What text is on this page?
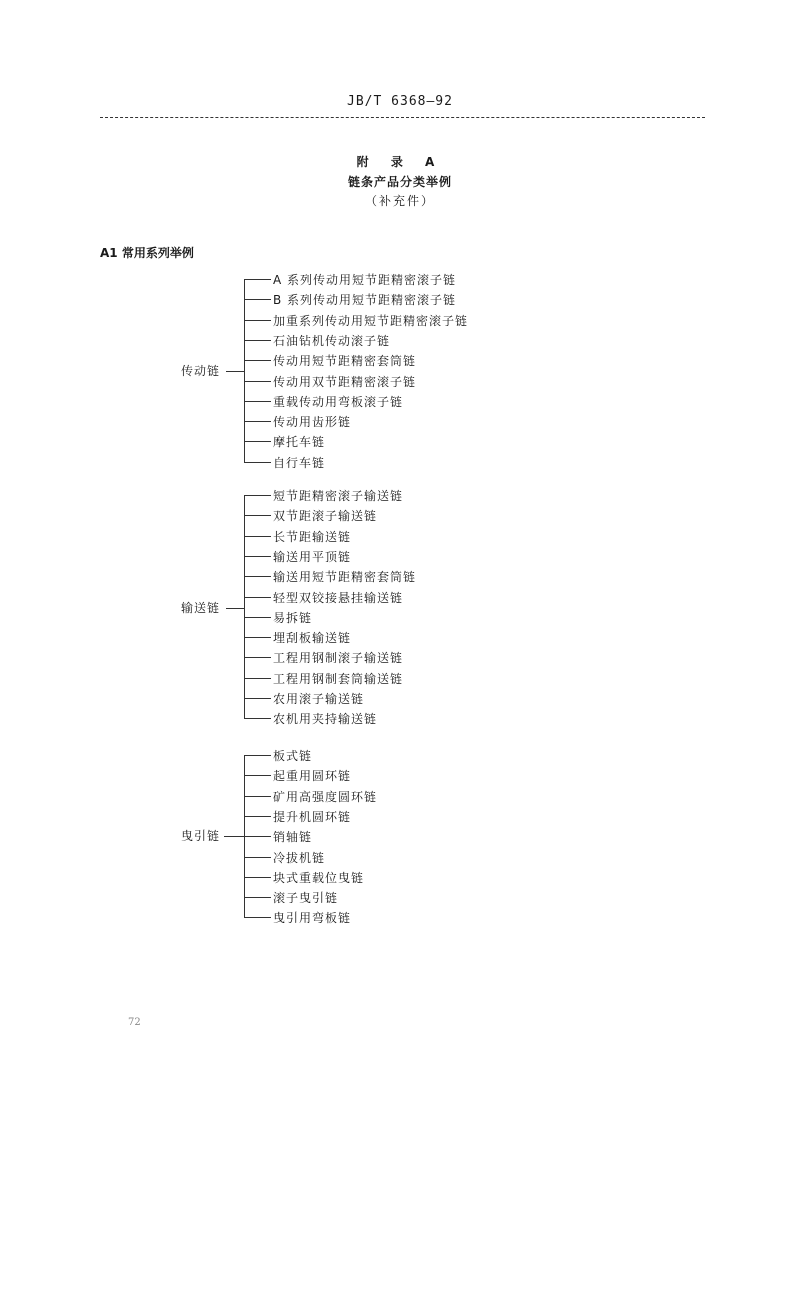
JB/T 6368—92
附 录 A
链条产品分类举例
（补充件）
A1 常用系列举例
传动链
A 系列传动用短节距精密滚子链
B 系列传动用短节距精密滚子链
加重系列传动用短节距精密滚子链
石油钻机传动滚子链
传动用短节距精密套筒链
传动用双节距精密滚子链
重载传动用弯板滚子链
传动用齿形链
摩托车链
自行车链
输送链
短节距精密滚子输送链
双节距滚子输送链
长节距输送链
输送用平顶链
输送用短节距精密套筒链
轻型双铰接悬挂输送链
易拆链
埋刮板输送链
工程用钢制滚子输送链
工程用钢制套筒输送链
农用滚子输送链
农机用夹持输送链
曳引链
板式链
起重用圆环链
矿用高强度圆环链
提升机圆环链
销轴链
冷拔机链
块式重载位曳链
滚子曳引链
曳引用弯板链
72
